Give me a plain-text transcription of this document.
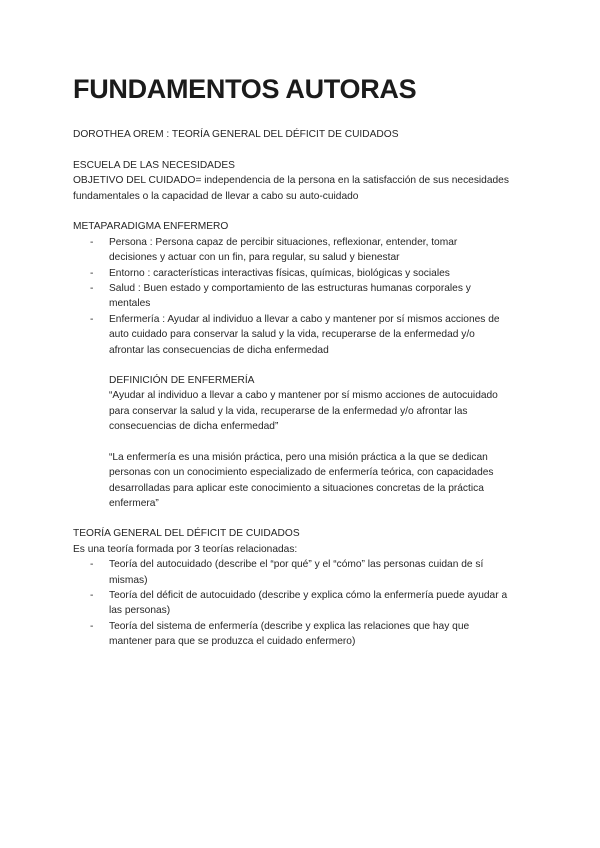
FUNDAMENTOS AUTORAS
DOROTHEA OREM : TEORÍA GENERAL DEL DÉFICIT DE CUIDADOS
ESCUELA DE LAS NECESIDADES
OBJETIVO DEL CUIDADO= independencia de la persona en la satisfacción de sus necesidades
fundamentales o la capacidad de llevar a cabo su auto-cuidado
METAPARADIGMA ENFERMERO
- Persona : Persona capaz de percibir situaciones, reflexionar, entender, tomar
decisiones y actuar con un fin, para regular, su salud y bienestar
- Entorno : características interactivas físicas, químicas, biológicas y sociales
- Salud : Buen estado y comportamiento de las estructuras humanas corporales y
mentales
- Enfermería : Ayudar al individuo a llevar a cabo y mantener por sí mismos acciones de
auto cuidado para conservar la salud y la vida, recuperarse de la enfermedad y/o
afrontar las consecuencias de dicha enfermedad
DEFINICIÓN DE ENFERMERÍA
“Ayudar al individuo a llevar a cabo y mantener por sí mismo acciones de autocuidado
para conservar la salud y la vida, recuperarse de la enfermedad y/o afrontar las
consecuencias de dicha enfermedad”
“La enfermería es una misión práctica, pero una misión práctica a la que se dedican
personas con un conocimiento especializado de enfermería teórica, con capacidades
desarrolladas para aplicar este conocimiento a situaciones concretas de la práctica
enfermera”
TEORÍA GENERAL DEL DÉFICIT DE CUIDADOS
Es una teoría formada por 3 teorías relacionadas:
- Teoría del autocuidado (describe el “por qué” y el “cómo” las personas cuidan de sí
mismas)
- Teoría del déficit de autocuidado (describe y explica cómo la enfermería puede ayudar a
las personas)
- Teoría del sistema de enfermería (describe y explica las relaciones que hay que
mantener para que se produzca el cuidado enfermero)
